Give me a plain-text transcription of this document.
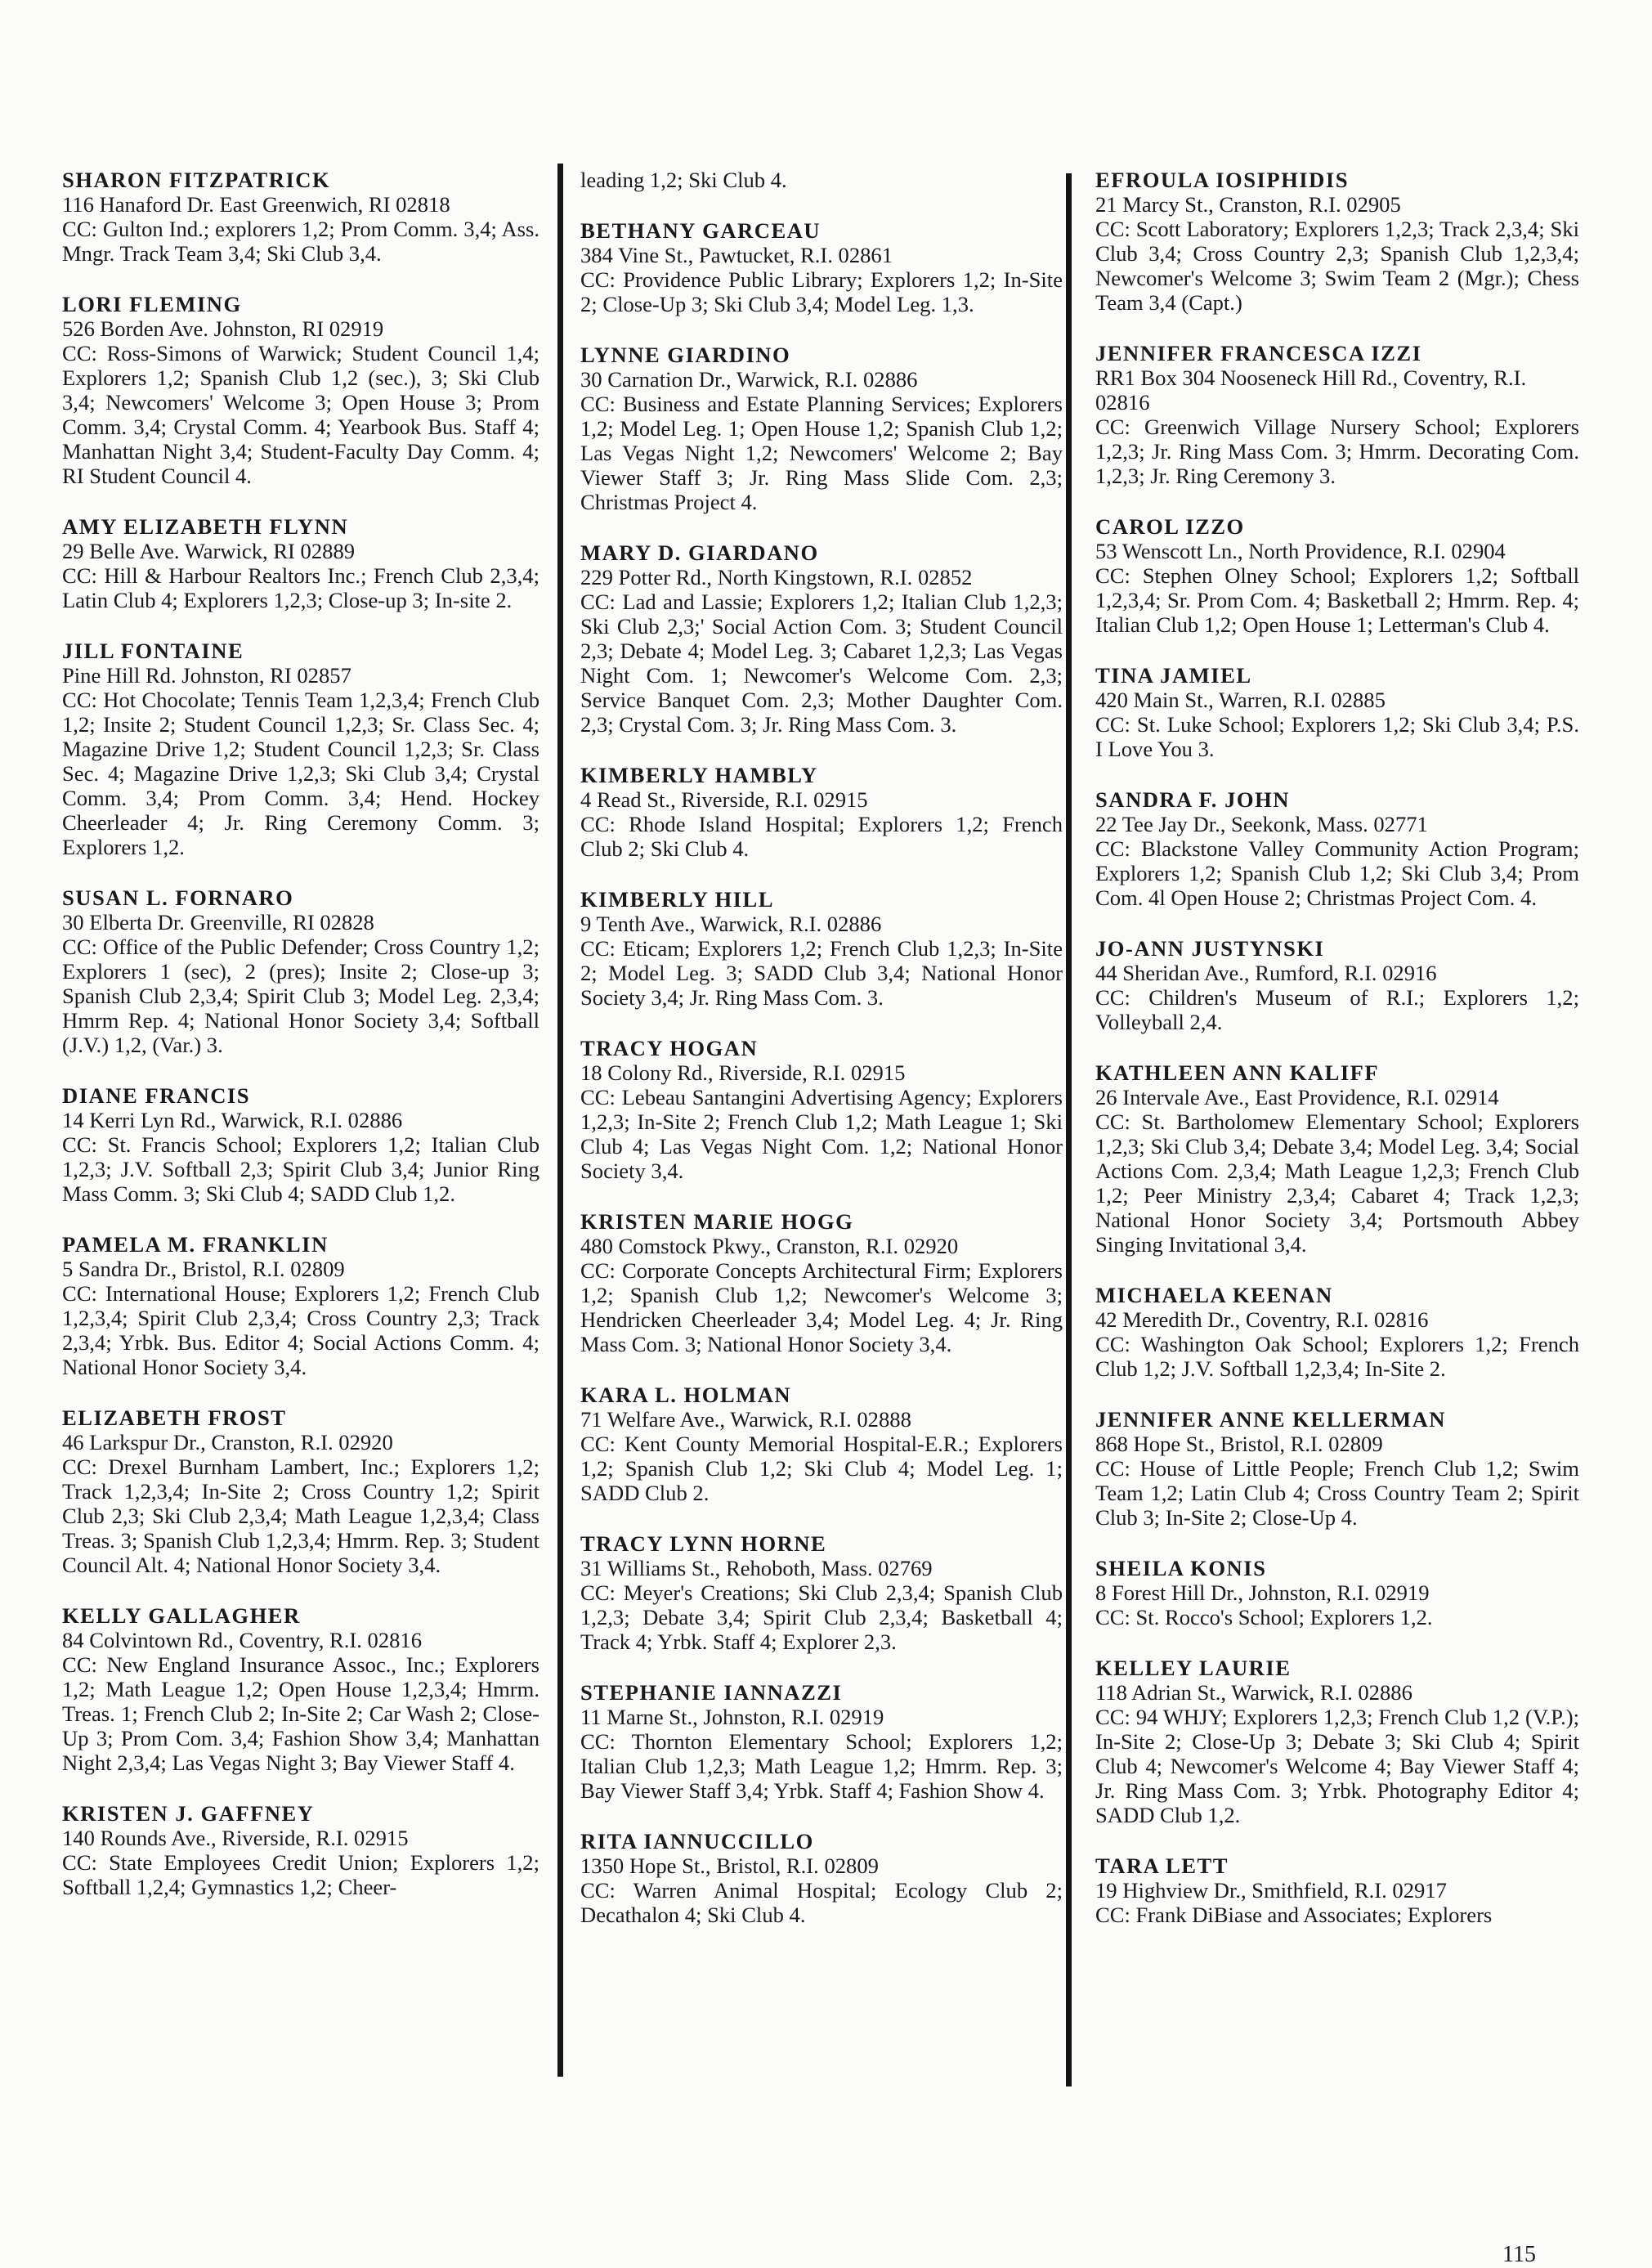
SHARON FITZPATRICK
116 Hanaford Dr. East Greenwich, RI 02818
CC: Gulton Ind.; explorers 1,2; Prom Comm. 3,4; Ass. Mngr. Track Team 3,4; Ski Club 3,4.
LORI FLEMING
526 Borden Ave. Johnston, RI 02919
CC: Ross-Simons of Warwick; Student Council 1,4; Explorers 1,2; Spanish Club 1,2 (sec.), 3; Ski Club 3,4; Newcomers' Welcome 3; Open House 3; Prom Comm. 3,4; Crystal Comm. 4; Yearbook Bus. Staff 4; Manhattan Night 3,4; Student-Faculty Day Comm. 4; RI Student Council 4.
AMY ELIZABETH FLYNN
29 Belle Ave. Warwick, RI 02889
CC: Hill & Harbour Realtors Inc.; French Club 2,3,4; Latin Club 4; Explorers 1,2,3; Close-up 3; In-site 2.
JILL FONTAINE
Pine Hill Rd. Johnston, RI 02857
CC: Hot Chocolate; Tennis Team 1,2,3,4; French Club 1,2; Insite 2; Student Council 1,2,3; Sr. Class Sec. 4; Magazine Drive 1,2; Student Council 1,2,3; Sr. Class Sec. 4; Magazine Drive 1,2,3; Ski Club 3,4; Crystal Comm. 3,4; Prom Comm. 3,4; Hend. Hockey Cheerleader 4; Jr. Ring Ceremony Comm. 3; Explorers 1,2.
SUSAN L. FORNARO
30 Elberta Dr. Greenville, RI 02828
CC: Office of the Public Defender; Cross Country 1,2; Explorers 1 (sec), 2 (pres); Insite 2; Close-up 3; Spanish Club 2,3,4; Spirit Club 3; Model Leg. 2,3,4; Hmrm Rep. 4; National Honor Society 3,4; Softball (J.V.) 1,2, (Var.) 3.
DIANE FRANCIS
14 Kerri Lyn Rd., Warwick, R.I. 02886
CC: St. Francis School; Explorers 1,2; Italian Club 1,2,3; J.V. Softball 2,3; Spirit Club 3,4; Junior Ring Mass Comm. 3; Ski Club 4; SADD Club 1,2.
PAMELA M. FRANKLIN
5 Sandra Dr., Bristol, R.I. 02809
CC: International House; Explorers 1,2; French Club 1,2,3,4; Spirit Club 2,3,4; Cross Country 2,3; Track 2,3,4; Yrbk. Bus. Editor 4; Social Actions Comm. 4; National Honor Society 3,4.
ELIZABETH FROST
46 Larkspur Dr., Cranston, R.I. 02920
CC: Drexel Burnham Lambert, Inc.; Explorers 1,2; Track 1,2,3,4; In-Site 2; Cross Country 1,2; Spirit Club 2,3; Ski Club 2,3,4; Math League 1,2,3,4; Class Treas. 3; Spanish Club 1,2,3,4; Hmrm. Rep. 3; Student Council Alt. 4; National Honor Society 3,4.
KELLY GALLAGHER
84 Colvintown Rd., Coventry, R.I. 02816
CC: New England Insurance Assoc., Inc.; Explorers 1,2; Math League 1,2; Open House 1,2,3,4; Hmrm. Treas. 1; French Club 2; In-Site 2; Car Wash 2; Close-Up 3; Prom Com. 3,4; Fashion Show 3,4; Manhattan Night 2,3,4; Las Vegas Night 3; Bay Viewer Staff 4.
KRISTEN J. GAFFNEY
140 Rounds Ave., Riverside, R.I. 02915
CC: State Employees Credit Union; Explorers 1,2; Softball 1,2,4; Gymnastics 1,2; Cheer-
leading 1,2; Ski Club 4.
BETHANY GARCEAU
384 Vine St., Pawtucket, R.I. 02861
CC: Providence Public Library; Explorers 1,2; In-Site 2; Close-Up 3; Ski Club 3,4; Model Leg. 1,3.
LYNNE GIARDINO
30 Carnation Dr., Warwick, R.I. 02886
CC: Business and Estate Planning Services; Explorers 1,2; Model Leg. 1; Open House 1,2; Spanish Club 1,2; Las Vegas Night 1,2; Newcomers' Welcome 2; Bay Viewer Staff 3; Jr. Ring Mass Slide Com. 2,3; Christmas Project 4.
MARY D. GIARDANO
229 Potter Rd., North Kingstown, R.I. 02852
CC: Lad and Lassie; Explorers 1,2; Italian Club 1,2,3; Ski Club 2,3;' Social Action Com. 3; Student Council 2,3; Debate 4; Model Leg. 3; Cabaret 1,2,3; Las Vegas Night Com. 1; Newcomer's Welcome Com. 2,3; Service Banquet Com. 2,3; Mother Daughter Com. 2,3; Crystal Com. 3; Jr. Ring Mass Com. 3.
KIMBERLY HAMBLY
4 Read St., Riverside, R.I. 02915
CC: Rhode Island Hospital; Explorers 1,2; French Club 2; Ski Club 4.
KIMBERLY HILL
9 Tenth Ave., Warwick, R.I. 02886
CC: Eticam; Explorers 1,2; French Club 1,2,3; In-Site 2; Model Leg. 3; SADD Club 3,4; National Honor Society 3,4; Jr. Ring Mass Com. 3.
TRACY HOGAN
18 Colony Rd., Riverside, R.I. 02915
CC: Lebeau Santangini Advertising Agency; Explorers 1,2,3; In-Site 2; French Club 1,2; Math League 1; Ski Club 4; Las Vegas Night Com. 1,2; National Honor Society 3,4.
KRISTEN MARIE HOGG
480 Comstock Pkwy., Cranston, R.I. 02920
CC: Corporate Concepts Architectural Firm; Explorers 1,2; Spanish Club 1,2; Newcomer's Welcome 3; Hendricken Cheerleader 3,4; Model Leg. 4; Jr. Ring Mass Com. 3; National Honor Society 3,4.
KARA L. HOLMAN
71 Welfare Ave., Warwick, R.I. 02888
CC: Kent County Memorial Hospital-E.R.; Explorers 1,2; Spanish Club 1,2; Ski Club 4; Model Leg. 1; SADD Club 2.
TRACY LYNN HORNE
31 Williams St., Rehoboth, Mass. 02769
CC: Meyer's Creations; Ski Club 2,3,4; Spanish Club 1,2,3; Debate 3,4; Spirit Club 2,3,4; Basketball 4; Track 4; Yrbk. Staff 4; Explorer 2,3.
STEPHANIE IANNAZZI
11 Marne St., Johnston, R.I. 02919
CC: Thornton Elementary School; Explorers 1,2; Italian Club 1,2,3; Math League 1,2; Hmrm. Rep. 3; Bay Viewer Staff 3,4; Yrbk. Staff 4; Fashion Show 4.
RITA IANNUCCILLO
1350 Hope St., Bristol, R.I. 02809
CC: Warren Animal Hospital; Ecology Club 2; Decathalon 4; Ski Club 4.
EFROULA IOSIPHIDIS
21 Marcy St., Cranston, R.I. 02905
CC: Scott Laboratory; Explorers 1,2,3; Track 2,3,4; Ski Club 3,4; Cross Country 2,3; Spanish Club 1,2,3,4; Newcomer's Welcome 3; Swim Team 2 (Mgr.); Chess Team 3,4 (Capt.)
JENNIFER FRANCESCA IZZI
RR1 Box 304 Nooseneck Hill Rd., Coventry, R.I. 02816
CC: Greenwich Village Nursery School; Explorers 1,2,3; Jr. Ring Mass Com. 3; Hmrm. Decorating Com. 1,2,3; Jr. Ring Ceremony 3.
CAROL IZZO
53 Wenscott Ln., North Providence, R.I. 02904
CC: Stephen Olney School; Explorers 1,2; Softball 1,2,3,4; Sr. Prom Com. 4; Basketball 2; Hmrm. Rep. 4; Italian Club 1,2; Open House 1; Letterman's Club 4.
TINA JAMIEL
420 Main St., Warren, R.I. 02885
CC: St. Luke School; Explorers 1,2; Ski Club 3,4; P.S. I Love You 3.
SANDRA F. JOHN
22 Tee Jay Dr., Seekonk, Mass. 02771
CC: Blackstone Valley Community Action Program; Explorers 1,2; Spanish Club 1,2; Ski Club 3,4; Prom Com. 4l Open House 2; Christmas Project Com. 4.
JO-ANN JUSTYNSKI
44 Sheridan Ave., Rumford, R.I. 02916
CC: Children's Museum of R.I.; Explorers 1,2; Volleyball 2,4.
KATHLEEN ANN KALIFF
26 Intervale Ave., East Providence, R.I. 02914
CC: St. Bartholomew Elementary School; Explorers 1,2,3; Ski Club 3,4; Debate 3,4; Model Leg. 3,4; Social Actions Com. 2,3,4; Math League 1,2,3; French Club 1,2; Peer Ministry 2,3,4; Cabaret 4; Track 1,2,3; National Honor Society 3,4; Portsmouth Abbey Singing Invitational 3,4.
MICHAELA KEENAN
42 Meredith Dr., Coventry, R.I. 02816
CC: Washington Oak School; Explorers 1,2; French Club 1,2; J.V. Softball 1,2,3,4; In-Site 2.
JENNIFER ANNE KELLERMAN
868 Hope St., Bristol, R.I. 02809
CC: House of Little People; French Club 1,2; Swim Team 1,2; Latin Club 4; Cross Country Team 2; Spirit Club 3; In-Site 2; Close-Up 4.
SHEILA KONIS
8 Forest Hill Dr., Johnston, R.I. 02919
CC: St. Rocco's School; Explorers 1,2.
KELLEY LAURIE
118 Adrian St., Warwick, R.I. 02886
CC: 94 WHJY; Explorers 1,2,3; French Club 1,2 (V.P.); In-Site 2; Close-Up 3; Debate 3; Ski Club 4; Spirit Club 4; Newcomer's Welcome 4; Bay Viewer Staff 4; Jr. Ring Mass Com. 3; Yrbk. Photography Editor 4; SADD Club 1,2.
TARA LETT
19 Highview Dr., Smithfield, R.I. 02917
CC: Frank DiBiase and Associates; Explorers
115
